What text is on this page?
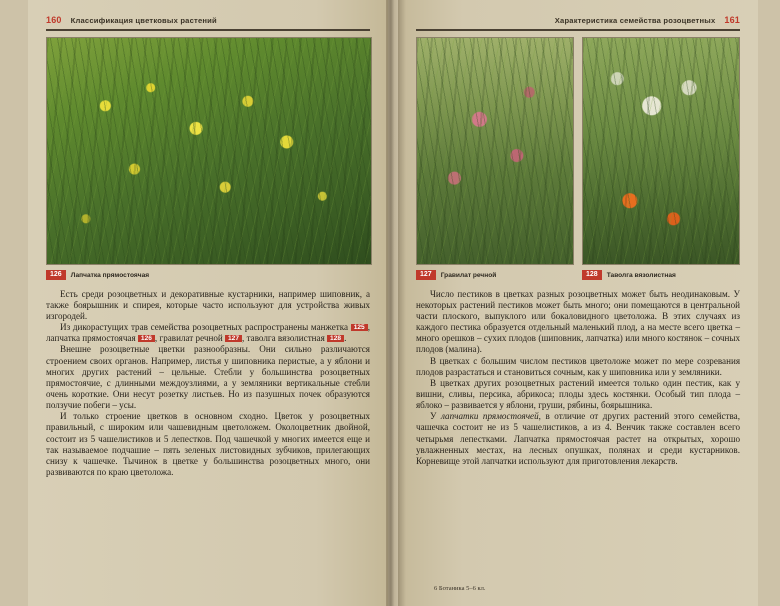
160 Классификация цветковых растений
126	Лапчатка прямостоячая

Есть среди розоцветных и декоративные кустарники, например шиповник, а также боярышник и спирея, которые часто используют для устройства живых изгородей.

Из дикорастущих трав семейства розоцветных распространены манжетка 125 , лапчатка прямостоячая 126 , гравилат речной 127 , таволга вязолистная 128 .

Внешне розоцветные цветки разнообразны. Они сильно различаются строением своих органов. Например, листья у шиповника перистые, а у яблони и многих других растений – цельные. Стебли у большинства розоцветных прямостоячие, с длинными междоузлиями, а у земляники вертикальные стебли очень короткие. Они несут розетку листьев. Но из пазушных почек образуются ползучие побеги – усы.

И только строение цветков в основном сходно. Цветок у розоцветных правильный, с широким или чашевидным цветоложем. Околоцветник двойной, состоит из 5 чашелистиков и 5 лепестков. Под чашечкой у многих имеется еще и так называемое подчашие – пять зеленых листовидных зубчиков, прилегающих снизу к чашечке. Тычинок в цветке у большинства розоцветных много, они развиваются по краю цветоложа.

Характеристика семейства розоцветных 161
127	Гравилат речной	128	Таволга вязолистная

Число пестиков в цветках разных розоцветных может быть неодинаковым. У некоторых растений пестиков может быть много; они помещаются в центральной части плоского, выпуклого или бокаловидного цветоложа. В этих случаях из каждого пестика образуется отдельный маленький плод, а на месте всего цветка – много орешков – сухих плодов (шиповник, лапчатка) или много костянок – сочных плодов (малина).

В цветках с большим числом пестиков цветоложе может по мере созревания плодов разрастаться и становиться сочным, как у шиповника или у земляники.

В цветках других розоцветных растений имеется только один пестик, как у вишни, сливы, персика, абрикоса; плоды здесь костянки. Особый тип плода – яблоко – развивается у яблони, груши, рябины, боярышника.

У лапчатки прямостоячей, в отличие от других растений этого семейства, чашечка состоит не из 5 чашелистиков, а из 4. Венчик также составлен всего четырьмя лепестками. Лапчатка прямостоячая растет на открытых, хорошо увлажненных местах, на лесных опушках, полянах и среди кустарников. Корневище этой лапчатки используют для приготовления лекарств.

6 Ботаника 5–6 кл.
